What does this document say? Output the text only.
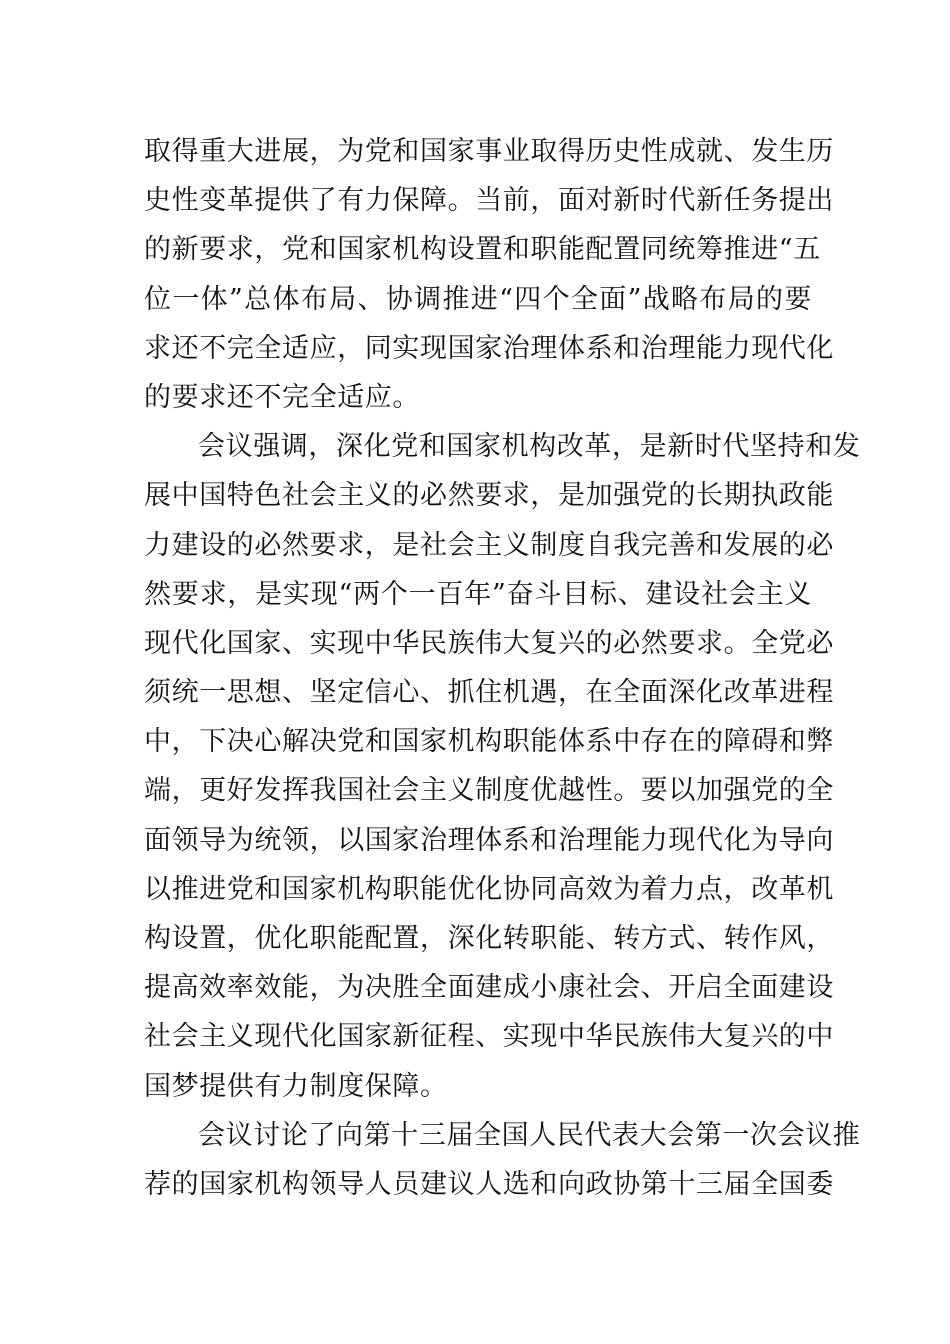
取得重大进展，为党和国家事业取得历史性成就、发生历
史性变革提供了有力保障。当前，面对新时代新任务提出
的新要求，党和国家机构设置和职能配置同统筹推进“五
位一体”总体布局、协调推进“四个全面”战略布局的要
求还不完全适应，同实现国家治理体系和治理能力现代化
的要求还不完全适应。
会议强调，深化党和国家机构改革，是新时代坚持和发
展中国特色社会主义的必然要求，是加强党的长期执政能
力建设的必然要求，是社会主义制度自我完善和发展的必
然要求，是实现“两个一百年”奋斗目标、建设社会主义
现代化国家、实现中华民族伟大复兴的必然要求。全党必
须统一思想、坚定信心、抓住机遇，在全面深化改革进程
中，下决心解决党和国家机构职能体系中存在的障碍和弊
端，更好发挥我国社会主义制度优越性。要以加强党的全
面领导为统领，以国家治理体系和治理能力现代化为导向
以推进党和国家机构职能优化协同高效为着力点，改革机
构设置，优化职能配置，深化转职能、转方式、转作风，
提高效率效能，为决胜全面建成小康社会、开启全面建设
社会主义现代化国家新征程、实现中华民族伟大复兴的中
国梦提供有力制度保障。
会议讨论了向第十三届全国人民代表大会第一次会议推
荐的国家机构领导人员建议人选和向政协第十三届全国委
